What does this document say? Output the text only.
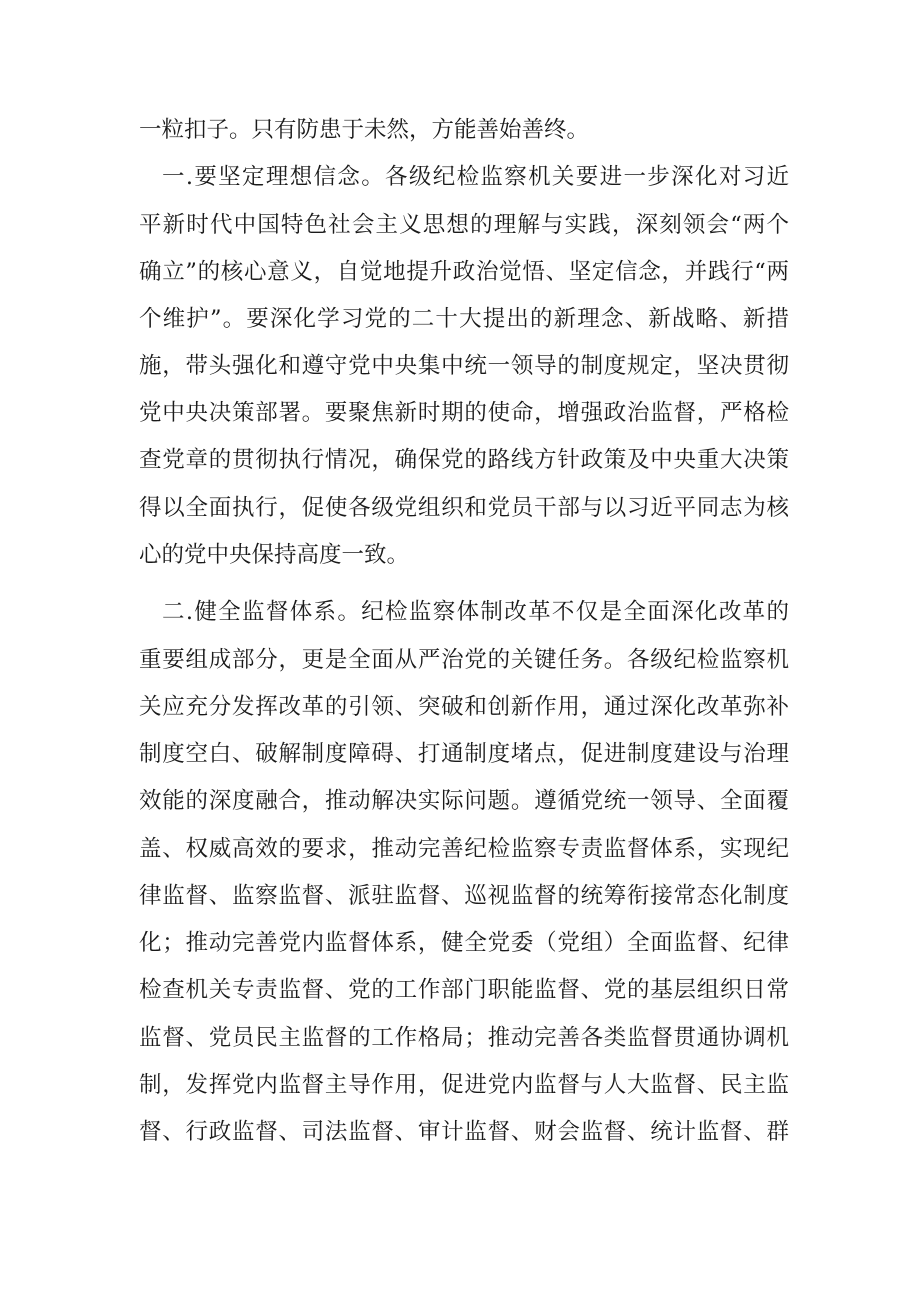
一粒扣子。只有防患于未然，方能善始善终。
一.要坚定理想信念。各级纪检监察机关要进一步深化对习近
平新时代中国特色社会主义思想的理解与实践，深刻领会“两个
确立”的核心意义，自觉地提升政治觉悟、坚定信念，并践行“两
个维护”。要深化学习党的二十大提出的新理念、新战略、新措
施，带头强化和遵守党中央集中统一领导的制度规定，坚决贯彻
党中央决策部署。要聚焦新时期的使命，增强政治监督，严格检
查党章的贯彻执行情况，确保党的路线方针政策及中央重大决策
得以全面执行，促使各级党组织和党员干部与以习近平同志为核
心的党中央保持高度一致。
二.健全监督体系。纪检监察体制改革不仅是全面深化改革的
重要组成部分，更是全面从严治党的关键任务。各级纪检监察机
关应充分发挥改革的引领、突破和创新作用，通过深化改革弥补
制度空白、破解制度障碍、打通制度堵点，促进制度建设与治理
效能的深度融合，推动解决实际问题。遵循党统一领导、全面覆
盖、权威高效的要求，推动完善纪检监察专责监督体系，实现纪
律监督、监察监督、派驻监督、巡视监督的统筹衔接常态化制度
化；推动完善党内监督体系，健全党委（党组）全面监督、纪律
检查机关专责监督、党的工作部门职能监督、党的基层组织日常
监督、党员民主监督的工作格局；推动完善各类监督贯通协调机
制，发挥党内监督主导作用，促进党内监督与人大监督、民主监
督、行政监督、司法监督、审计监督、财会监督、统计监督、群
